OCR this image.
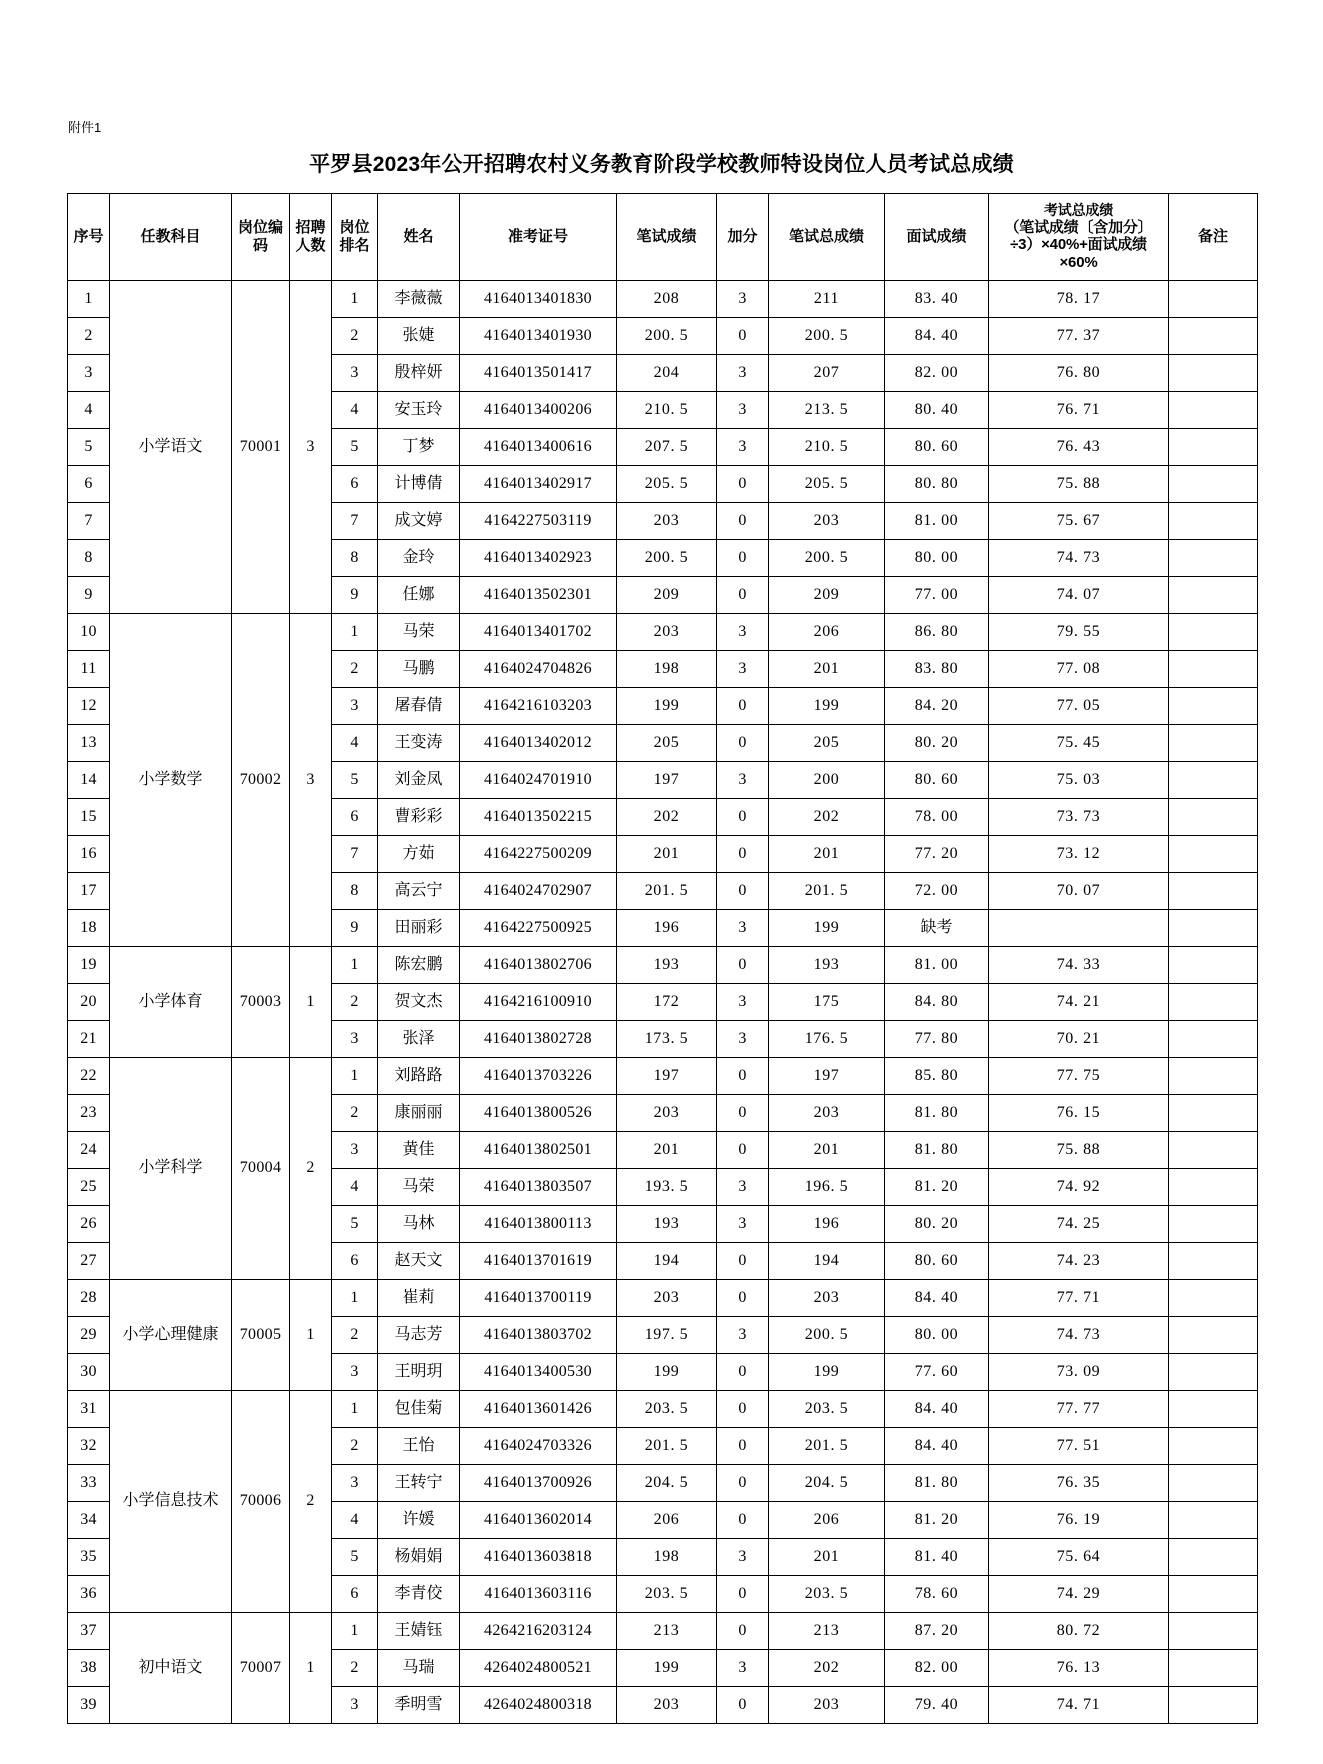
附件1
平罗县2023年公开招聘农村义务教育阶段学校教师特设岗位人员考试总成绩
序号	任教科目	岗位编码	招聘人数	岗位排名	姓名	准考证号	笔试成绩	加分	笔试总成绩	面试成绩	考试总成绩
（笔试成绩〔含加分〕
÷3）×40%+面试成绩
×60%	备注
1	小学语文	70001	3	1	李薇薇	4164013401830	208	3	211	83. 40	78. 17	
2				2	张婕	4164013401930	200. 5	0	200. 5	84. 40	77. 37	
3				3	殷梓妍	4164013501417	204	3	207	82. 00	76. 80	
4				4	安玉玲	4164013400206	210. 5	3	213. 5	80. 40	76. 71	
5				5	丁梦	4164013400616	207. 5	3	210. 5	80. 60	76. 43	
6				6	计博倩	4164013402917	205. 5	0	205. 5	80. 80	75. 88	
7				7	成文婷	4164227503119	203	0	203	81. 00	75. 67	
8				8	金玲	4164013402923	200. 5	0	200. 5	80. 00	74. 73	
9				9	任娜	4164013502301	209	0	209	77. 00	74. 07	
10	小学数学	70002	3	1	马荣	4164013401702	203	3	206	86. 80	79. 55	
11				2	马鹏	4164024704826	198	3	201	83. 80	77. 08	
12				3	屠春倩	4164216103203	199	0	199	84. 20	77. 05	
13				4	王变涛	4164013402012	205	0	205	80. 20	75. 45	
14				5	刘金凤	4164024701910	197	3	200	80. 60	75. 03	
15				6	曹彩彩	4164013502215	202	0	202	78. 00	73. 73	
16				7	方茹	4164227500209	201	0	201	77. 20	73. 12	
17				8	高云宁	4164024702907	201. 5	0	201. 5	72. 00	70. 07	
18				9	田丽彩	4164227500925	196	3	199	缺考		
19	小学体育	70003	1	1	陈宏鹏	4164013802706	193	0	193	81. 00	74. 33	
20				2	贺文杰	4164216100910	172	3	175	84. 80	74. 21	
21				3	张泽	4164013802728	173. 5	3	176. 5	77. 80	70. 21	
22	小学科学	70004	2	1	刘路路	4164013703226	197	0	197	85. 80	77. 75	
23				2	康丽丽	4164013800526	203	0	203	81. 80	76. 15	
24				3	黄佳	4164013802501	201	0	201	81. 80	75. 88	
25				4	马荣	4164013803507	193. 5	3	196. 5	81. 20	74. 92	
26				5	马林	4164013800113	193	3	196	80. 20	74. 25	
27				6	赵天文	4164013701619	194	0	194	80. 60	74. 23	
28	小学心理健康	70005	1	1	崔莉	4164013700119	203	0	203	84. 40	77. 71	
29				2	马志芳	4164013803702	197. 5	3	200. 5	80. 00	74. 73	
30				3	王明玥	4164013400530	199	0	199	77. 60	73. 09	
31	小学信息技术	70006	2	1	包佳菊	4164013601426	203. 5	0	203. 5	84. 40	77. 77	
32				2	王怡	4164024703326	201. 5	0	201. 5	84. 40	77. 51	
33				3	王转宁	4164013700926	204. 5	0	204. 5	81. 80	76. 35	
34				4	许媛	4164013602014	206	0	206	81. 20	76. 19	
35				5	杨娟娟	4164013603818	198	3	201	81. 40	75. 64	
36				6	李青佼	4164013603116	203. 5	0	203. 5	78. 60	74. 29	
37	初中语文	70007	1	1	王婧钰	4264216203124	213	0	213	87. 20	80. 72	
38				2	马瑞	4264024800521	199	3	202	82. 00	76. 13	
39				3	季明雪	4264024800318	203	0	203	79. 40	74. 71	
